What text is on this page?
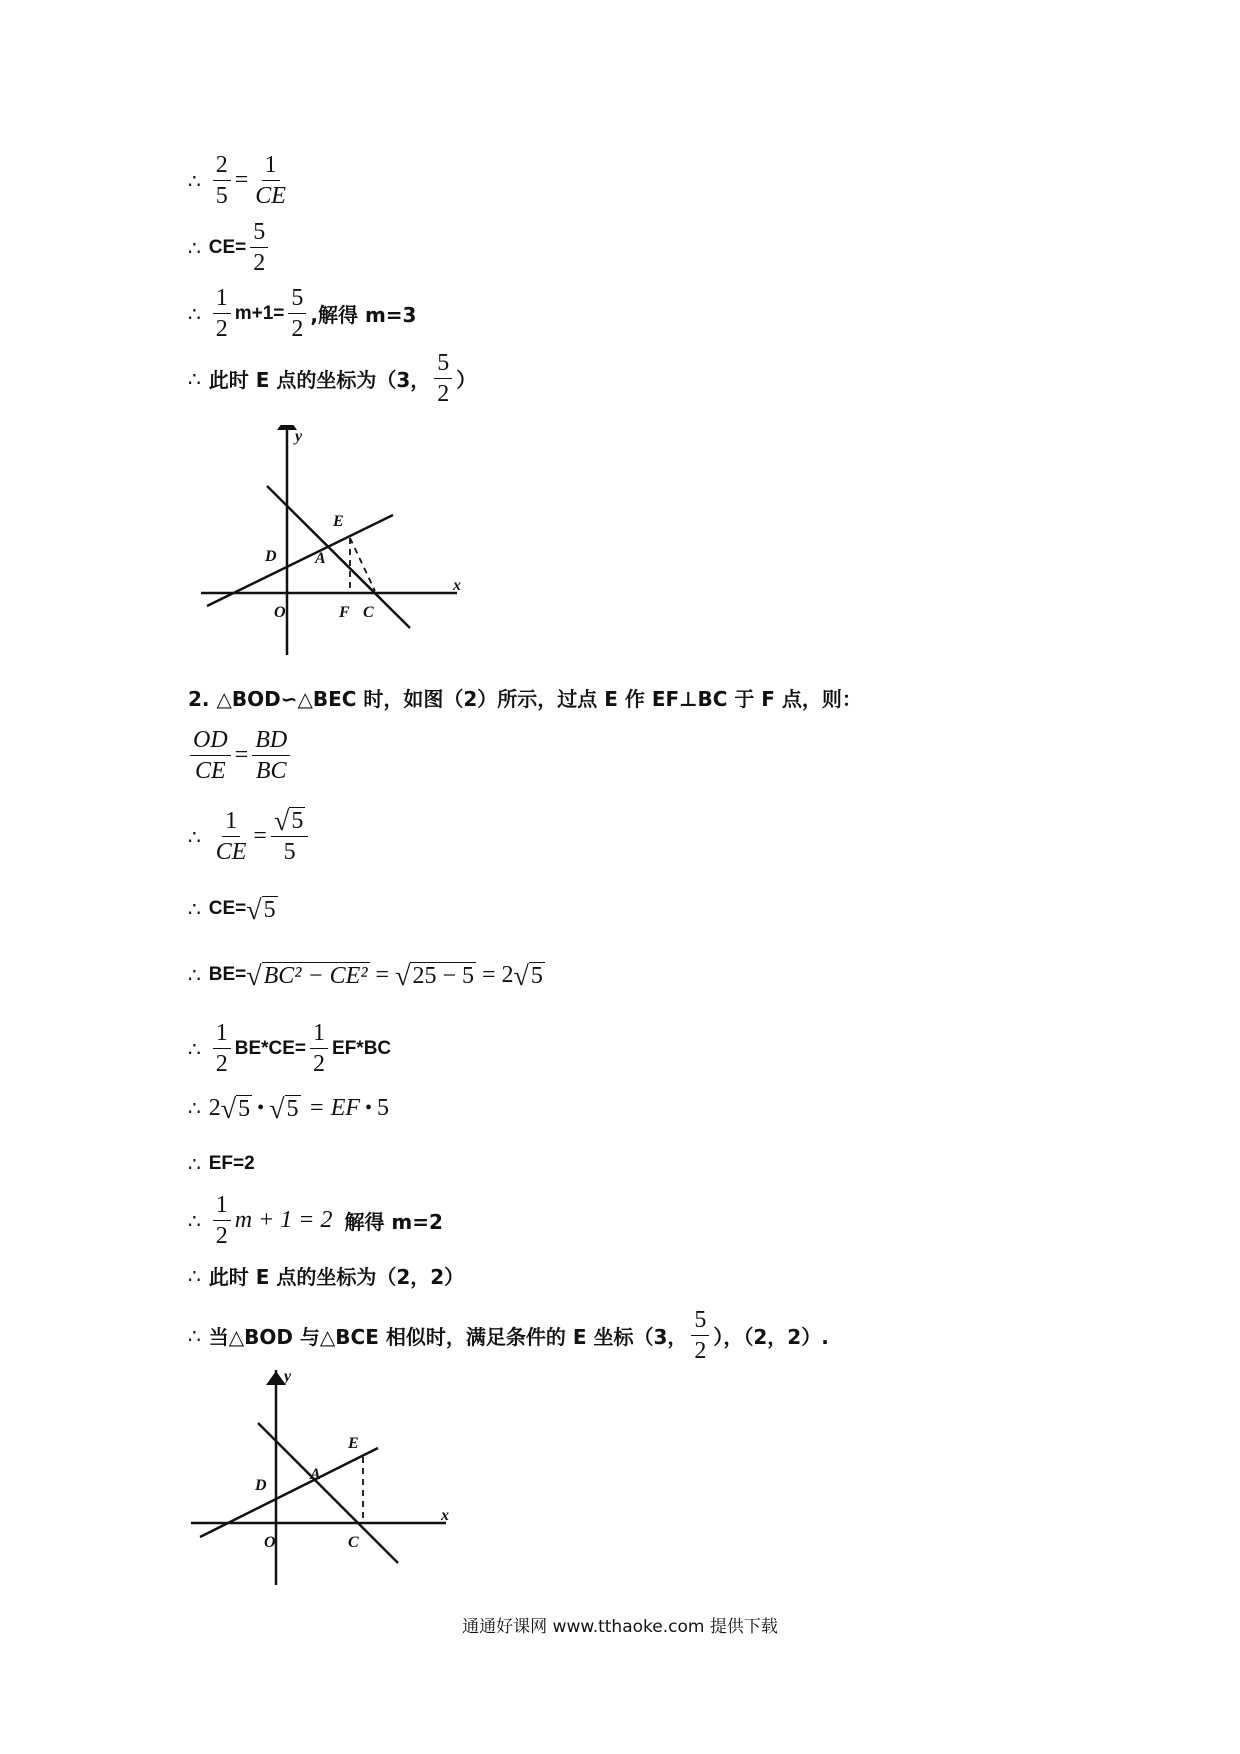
∴ $\frac{2}{5} = \frac{1}{CE}$
∴ $CE= \frac{5}{2}$
∴ $\frac{1}{2} m+1= \frac{5}{2}$ ,解得 m=3
∴ 此时 E 点的坐标为（3， $\frac{5}{2}$ ）
y
x
E
D A
O	F C
2. △BOD∽△BEC 时，如图（2）所示，过点 E 作 EF⊥BC 于 F 点，则：
$\frac{OD}{CE} = \frac{BD}{BC}$
∴ $\frac{1}{CE} = \frac{√ 5}{5}$
∴ CE= √ 5
∴ BE= √ BC² − CE² = √ 25 − 5 = 2 √ 5
∴ $\frac{1}{2} BE*CE= \frac{1}{2} EF*BC$
∴ 2 √ 5 • √ 5 = EF • 5
∴ EF=2
∴ $\frac{1}{2}$ m + 1 = 2 解得 m=2
∴ 此时 E 点的坐标为（2，2）
∴ 当△BOD 与△BCE 相似时，满足条件的 E 坐标（3， $\frac{5}{2}$ ），（2，2）.
y
x
E
D
A
O	C
通通好课网 www.tthaoke.com 提供下载
